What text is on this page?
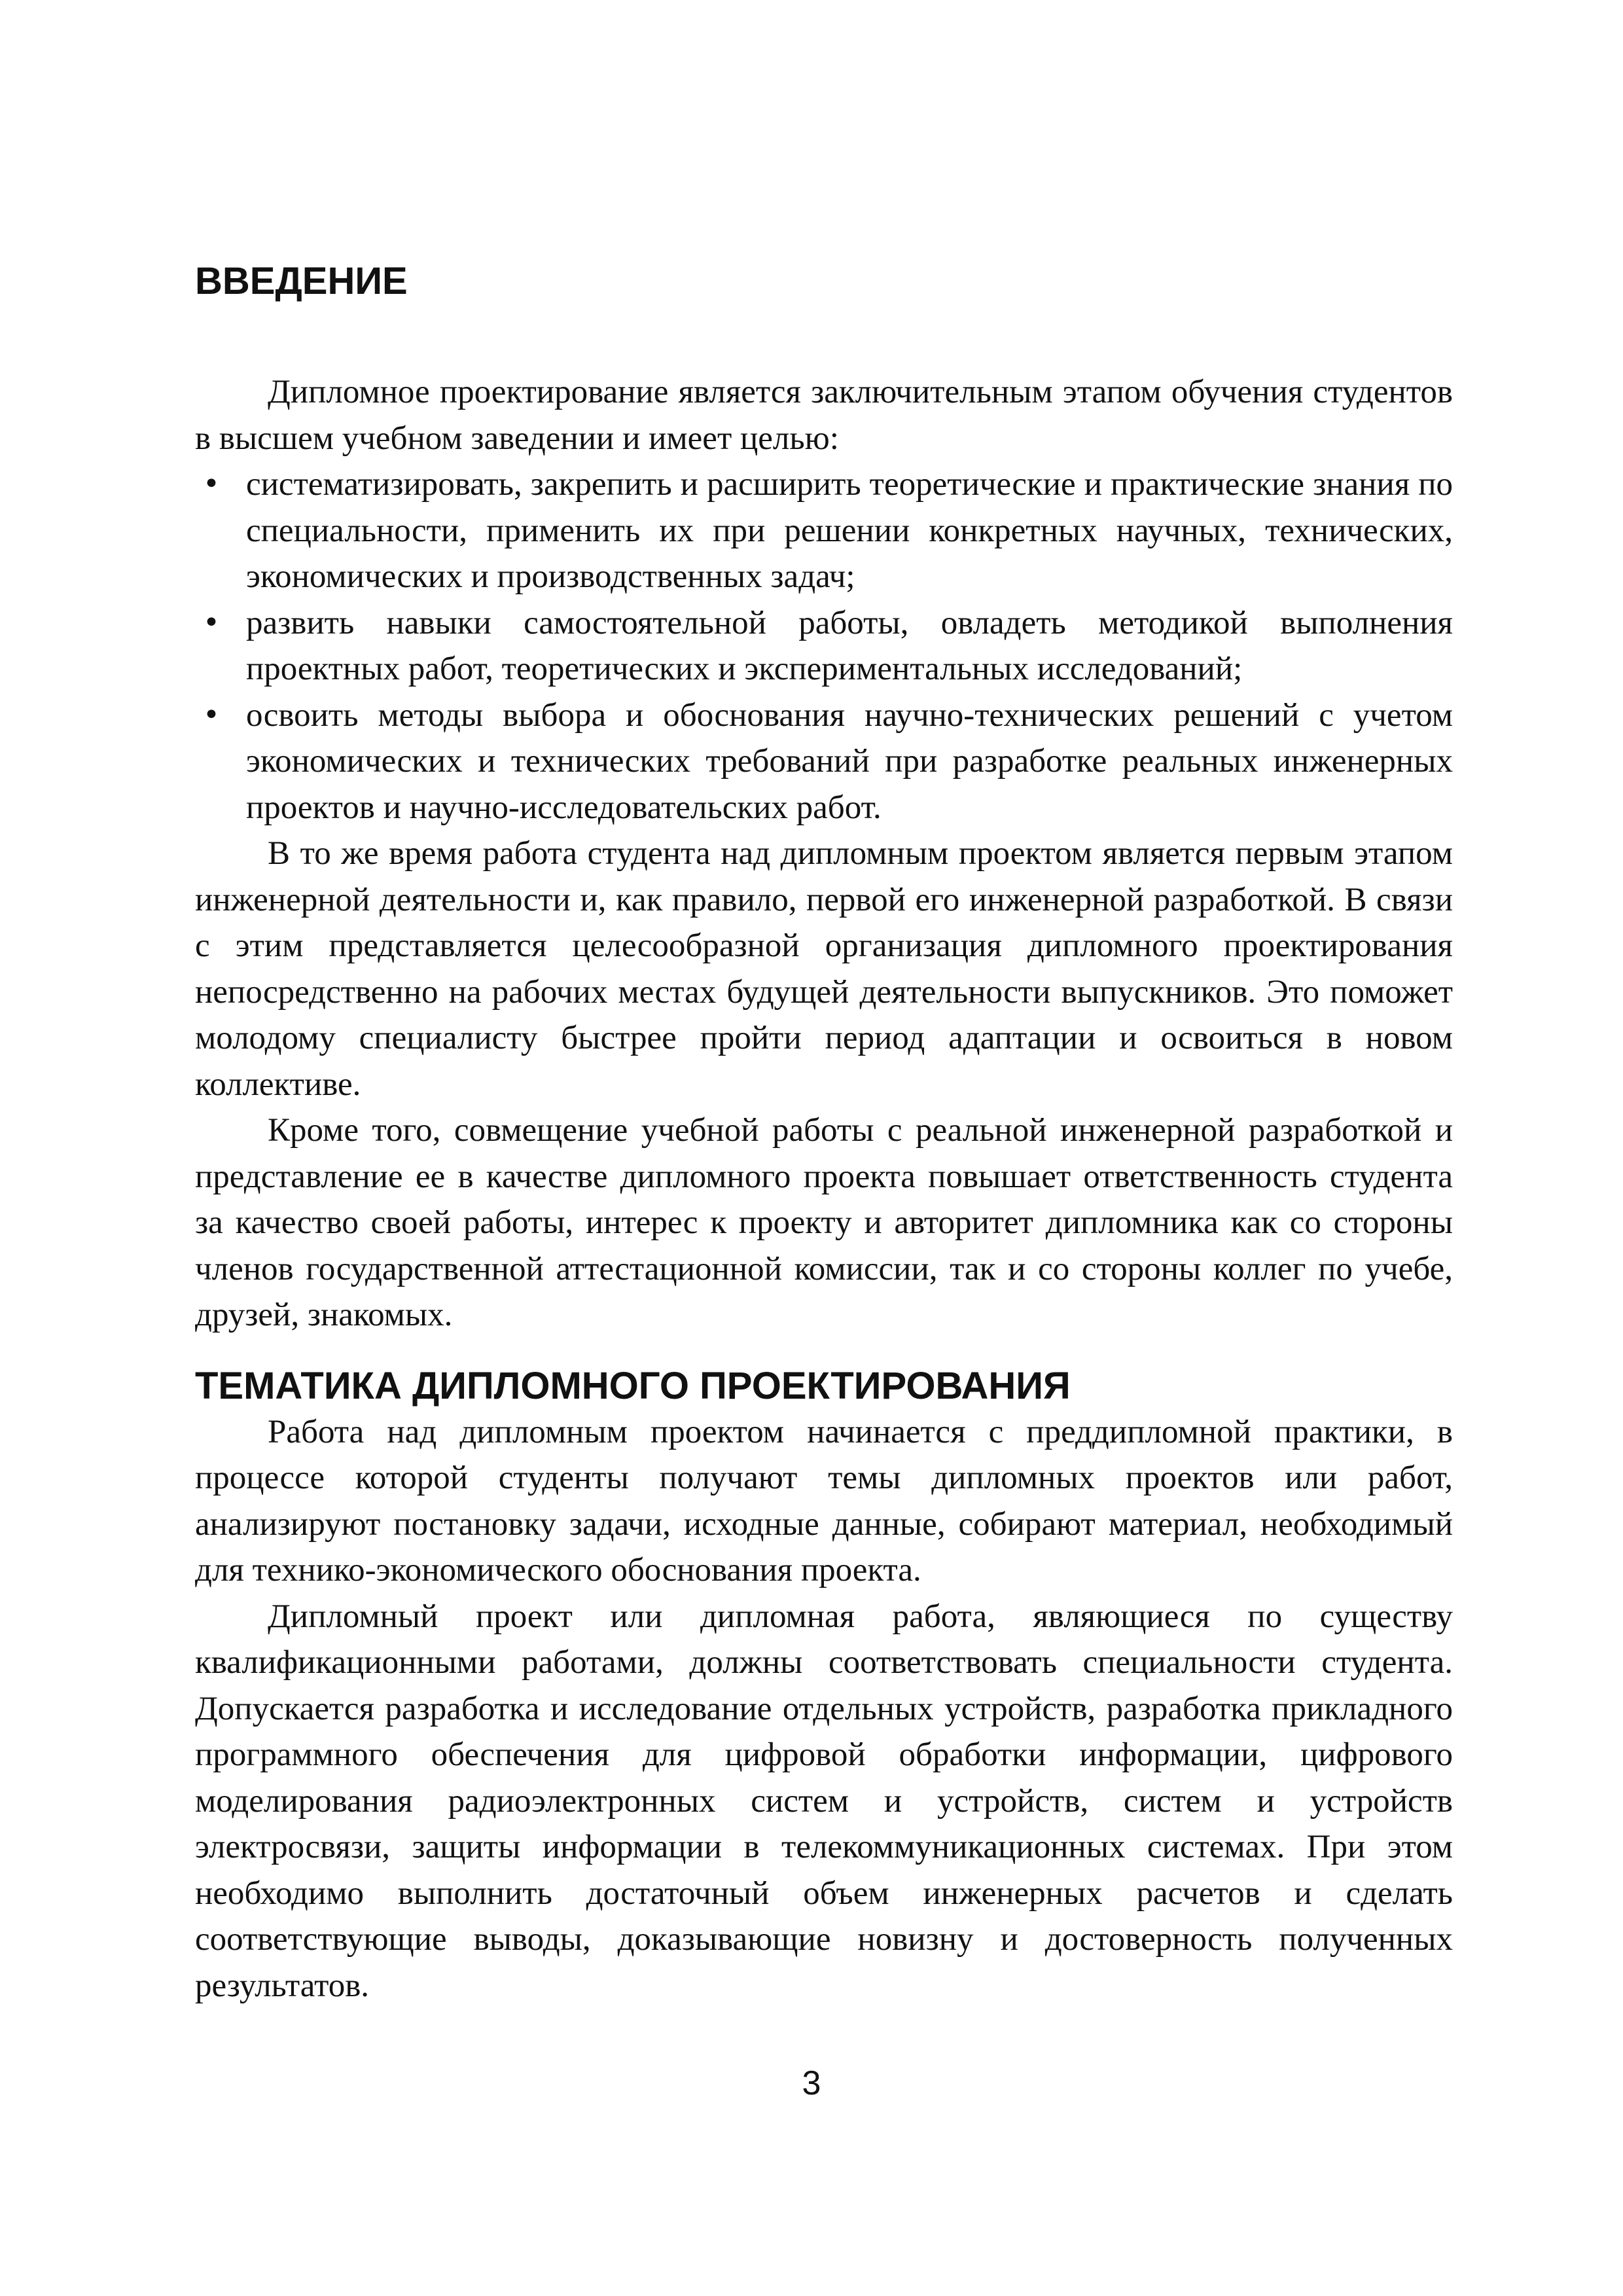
ВВЕДЕНИЕ

Дипломное проектирование является заключительным этапом обучения студентов в высшем учебном заведении и имеет целью:

• систематизировать, закрепить и расширить теоретические и практические знания по специальности, применить их при решении конкретных научных, технических, экономических и производственных задач;
• развить навыки самостоятельной работы, овладеть методикой выполнения проектных работ, теоретических и экспериментальных исследований;
• освоить методы выбора и обоснования научно-технических решений с учетом экономических и технических требований при разработке реальных инженерных проектов и научно-исследовательских работ.

В то же время работа студента над дипломным проектом является первым этапом инженерной деятельности и, как правило, первой его инженерной разработкой. В связи с этим представляется целесообразной организация дипломного проектирования непосредственно на рабочих местах будущей деятельности выпускников. Это поможет молодому специалисту быстрее пройти период адаптации и освоиться в новом коллективе.

Кроме того, совмещение учебной работы с реальной инженерной разработкой и представление ее в качестве дипломного проекта повышает ответственность студента за качество своей работы, интерес к проекту и авторитет дипломника как со стороны членов государственной аттестационной комиссии, так и со стороны коллег по учебе, друзей, знакомых.

ТЕМАТИКА ДИПЛОМНОГО ПРОЕКТИРОВАНИЯ

Работа над дипломным проектом начинается с преддипломной практики, в процессе которой студенты получают темы дипломных проектов или работ, анализируют постановку задачи, исходные данные, собирают материал, необходимый для технико-экономического обоснования проекта.

Дипломный проект или дипломная работа, являющиеся по существу квалификационными работами, должны соответствовать специальности студента. Допускается разработка и исследование отдельных устройств, разработка прикладного программного обеспечения для цифровой обработки информации, цифрового моделирования радиоэлектронных систем и устройств, систем и устройств электросвязи, защиты информации в телекоммуникационных системах. При этом необходимо выполнить достаточный объем инженерных расчетов и сделать соответствующие выводы, доказывающие новизну и достоверность полученных результатов.

3
